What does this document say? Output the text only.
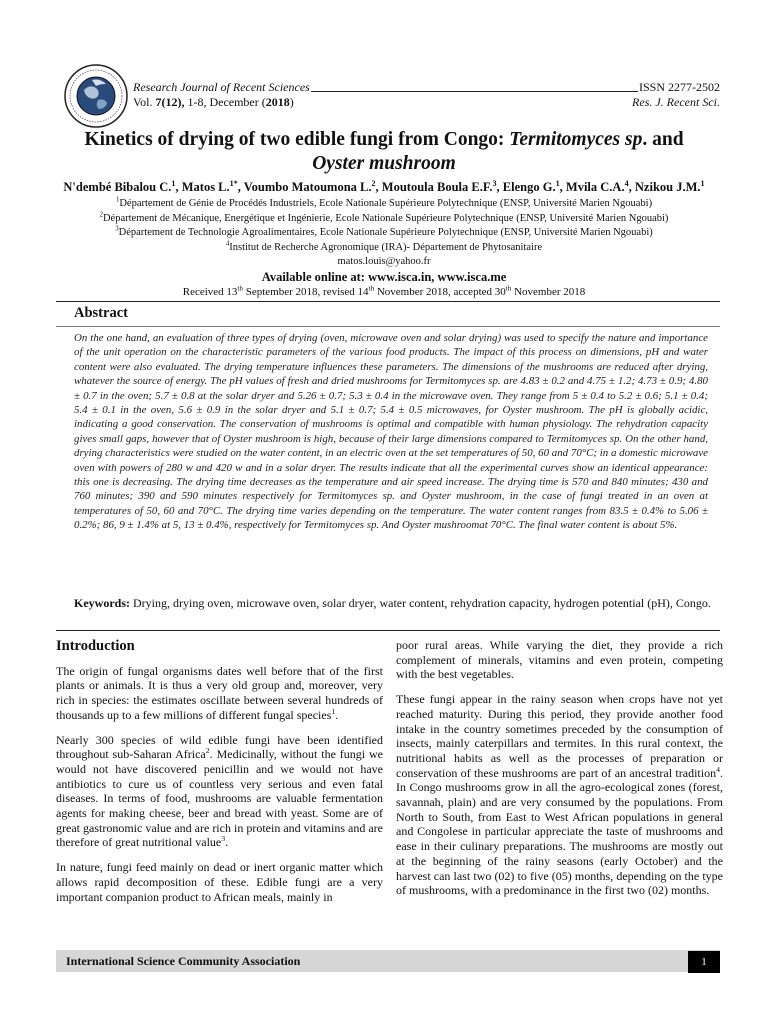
Research Journal of Recent Sciences	ISSN 2277-2502
Vol. 7(12), 1-8, December (2018)	Res. J. Recent Sci.
Kinetics of drying of two edible fungi from Congo: Termitomyces sp. and
Oyster mushroom
N'dembé Bibalou C.$^1$, Matos L.$^{1*}$, Voumbo Matoumona L.$^2$, Moutoula Boula E.F.$^3$, Elengo G.$^1$, Mvila C.A.$^4$, Nzikou J.M.$^1$
$^1$Département de Génie de Procédés Industriels, Ecole Nationale Supérieure Polytechnique (ENSP, Université Marien Ngouabi)
$^2$Département de Mécanique, Energétique et Ingénierie, Ecole Nationale Supérieure Polytechnique (ENSP, Université Marien Ngouabi)
$^3$Département de Technologie Agroalimentaires, Ecole Nationale Supérieure Polytechnique (ENSP, Université Marien Ngouabi)
$^4$Institut de Recherche Agronomique (IRA)- Département de Phytosanitaire
matos.louis@yahoo.fr
Available online at: www.isca.in, www.isca.me
Received 13th September 2018, revised 14th November 2018, accepted 30th November 2018
Abstract
On the one hand, an evaluation of three types of drying (oven, microwave oven and solar drying) was used to specify the nature and importance of the unit operation on the characteristic parameters of the various food products. The impact of this process on dimensions, pH and water content were also evaluated. The drying temperature influences these parameters. The dimensions of the mushrooms are reduced after drying, whatever the source of energy. The pH values of fresh and dried mushrooms for Termitomyces sp. are 4.83 ± 0.2 and 4.75 ± 1.2; 4.73 ± 0.9; 4.80 ± 0.7 in the oven; 5.7 ± 0.8 at the solar dryer and 5.26 ± 0.7; 5.3 ± 0.4 in the microwave oven. They range from 5 ± 0.4 to 5.2 ± 0.6; 5.1 ± 0.4; 5.4 ± 0.1 in the oven, 5.6 ± 0.9 in the solar dryer and 5.1 ± 0.7; 5.4 ± 0.5 microwaves, for Oyster mushroom. The pH is globally acidic, indicating a good conservation. The conservation of mushrooms is optimal and compatible with human physiology. The rehydration capacity gives small gaps, however that of Oyster mushroom is high, because of their large dimensions compared to Termitomyces sp. On the other hand, drying characteristics were studied on the water content, in an electric oven at the set temperatures of 50, 60 and 70°C; in a domestic microwave oven with powers of 280 w and 420 w and in a solar dryer. The results indicate that all the experimental curves show an identical appearance: this one is decreasing. The drying time decreases as the temperature and air speed increase. The drying time is 570 and 840 minutes; 430 and 760 minutes; 390 and 590 minutes respectively for Termitomyces sp. and Oyster mushroom, in the case of fungi treated in an oven at temperatures of 50, 60 and 70°C. The drying time varies depending on the temperature. The water content ranges from 83.5 ± 0.4% to 5.06 ± 0.2%; 86, 9 ± 1.4% at 5, 13 ± 0.4%, respectively for Termitomyces sp. And Oyster mushroomat 70°C. The final water content is about 5%.
Keywords: Drying, drying oven, microwave oven, solar dryer, water content, rehydration capacity, hydrogen potential (pH), Congo.
Introduction

The origin of fungal organisms dates well before that of the first plants or animals. It is thus a very old group and, moreover, very rich in species: the estimates oscillate between several hundreds of thousands up to a few millions of different fungal species$^1$.

Nearly 300 species of wild edible fungi have been identified throughout sub-Saharan Africa$^2$. Medicinally, without the fungi we would not have discovered penicillin and we would not have antibiotics to cure us of countless very serious and even fatal diseases. In terms of food, mushrooms are valuable fermentation agents for making cheese, beer and bread with yeast. Some are of great gastronomic value and are rich in protein and vitamins and are therefore of great nutritional value$^3$.

In nature, fungi feed mainly on dead or inert organic matter which allows rapid decomposition of these. Edible fungi are a very important companion product to African meals, mainly in

poor rural areas. While varying the diet, they provide a rich complement of minerals, vitamins and even protein, competing with the best vegetables.

These fungi appear in the rainy season when crops have not yet reached maturity. During this period, they provide another food intake in the country sometimes preceded by the consumption of insects, mainly caterpillars and termites. In this rural context, the nutritional habits as well as the processes of preparation or conservation of these mushrooms are part of an ancestral tradition$^4$. In Congo mushrooms grow in all the agro-ecological zones (forest, savannah, plain) and are very consumed by the populations. From North to South, from East to West African populations in general and Congolese in particular appreciate the taste of mushrooms and ease in their culinary preparations. The mushrooms are mostly out at the beginning of the rainy seasons (early October) and the harvest can last two (02) to five (05) months, depending on the type of mushrooms, with a predominance in the first two (02) months.

International Science Community Association	1
